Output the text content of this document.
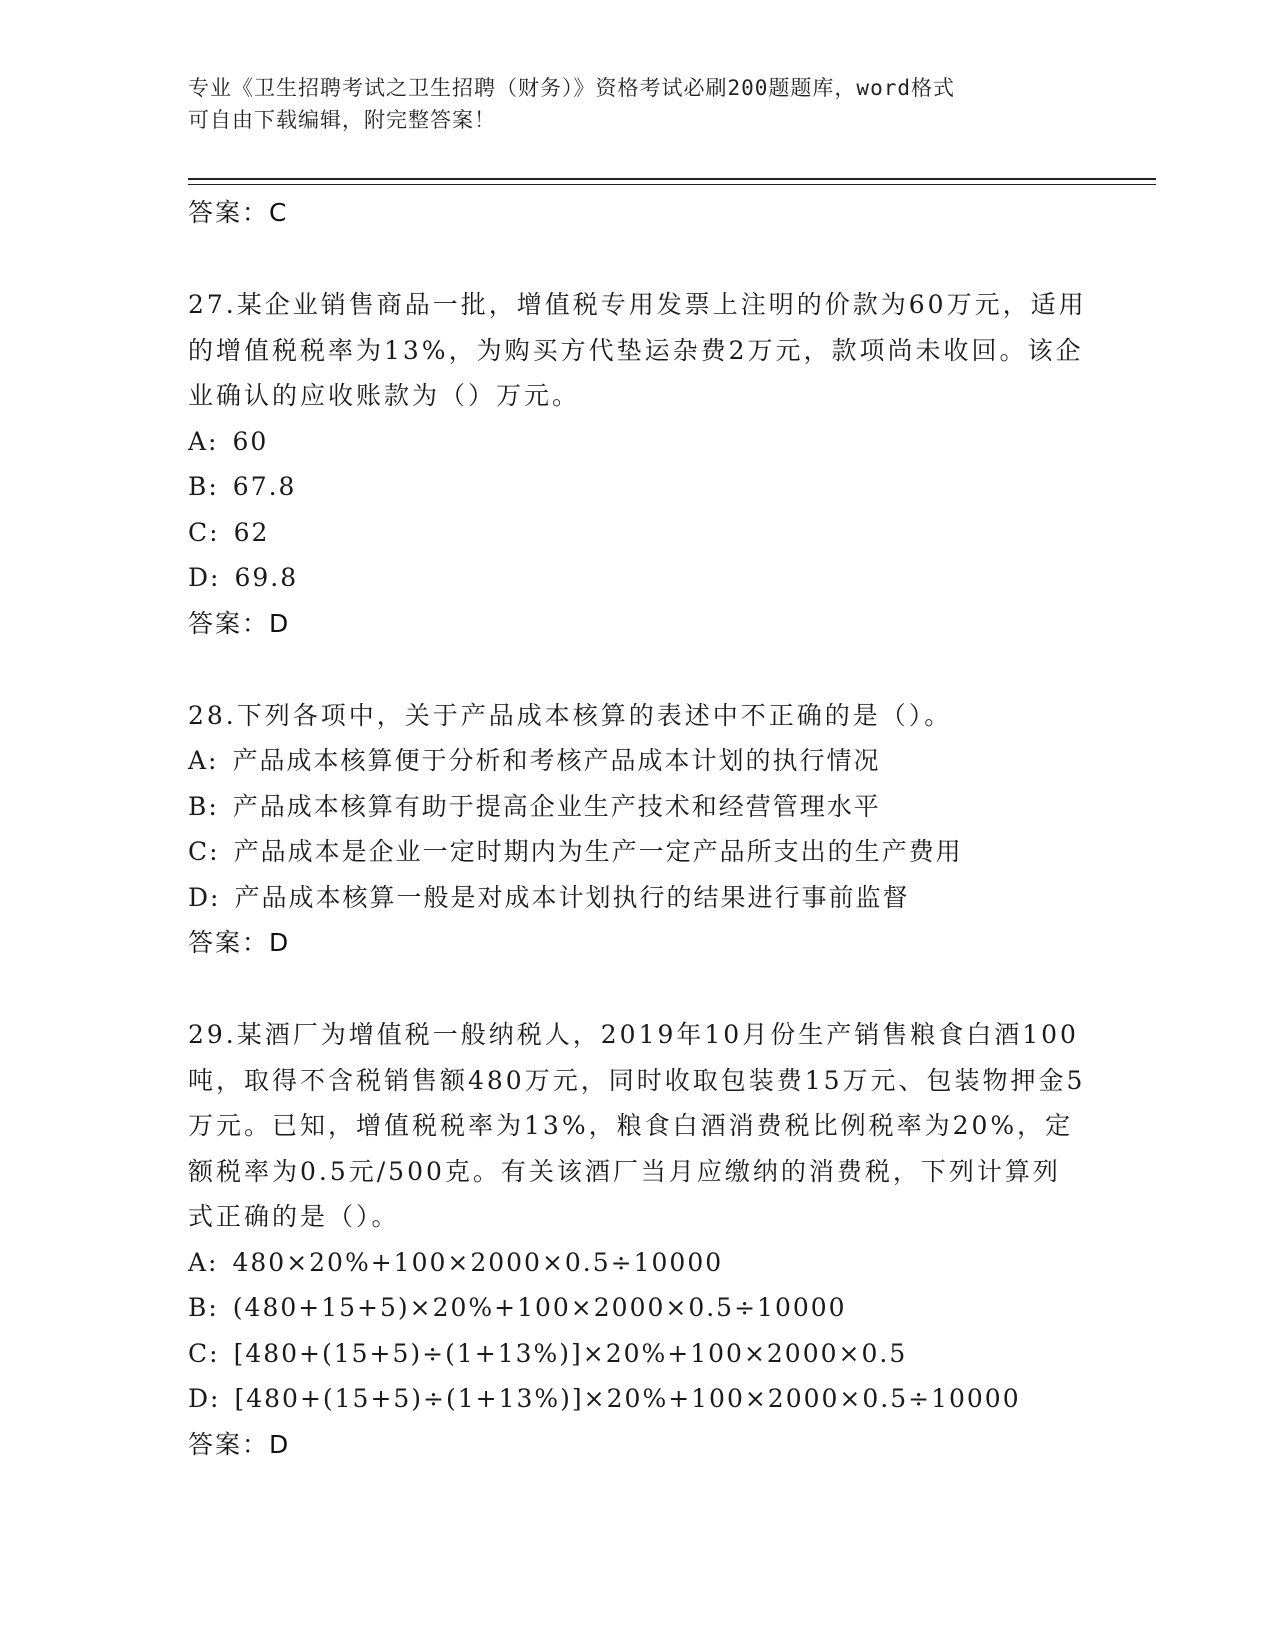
专业《卫生招聘考试之卫生招聘（财务）》资格考试必刷200题题库，word格式
可自由下载编辑，附完整答案！
答案：C
27.某企业销售商品一批，增值税专用发票上注明的价款为60万元，适用的增值税税率为13%，为购买方代垫运杂费2万元，款项尚未收回。该企业确认的应收账款为（）万元。
A: 60
B: 67.8
C: 62
D: 69.8
答案：D
28.下列各项中，关于产品成本核算的表述中不正确的是（）。
A: 产品成本核算便于分析和考核产品成本计划的执行情况
B: 产品成本核算有助于提高企业生产技术和经营管理水平
C: 产品成本是企业一定时期内为生产一定产品所支出的生产费用
D: 产品成本核算一般是对成本计划执行的结果进行事前监督
答案：D
29.某酒厂为增值税一般纳税人，2019年10月份生产销售粮食白酒100吨，取得不含税销售额480万元，同时收取包装费15万元、包装物押金5万元。已知，增值税税率为13%，粮食白酒消费税比例税率为20%，定额税率为0.5元/500克。有关该酒厂当月应缴纳的消费税，下列计算列式正确的是（）。
A: 480×20%+100×2000×0.5÷10000
B: (480+15+5)×20%+100×2000×0.5÷10000
C: [480+(15+5)÷(1+13%)]×20%+100×2000×0.5
D: [480+(15+5)÷(1+13%)]×20%+100×2000×0.5÷10000
答案：D
